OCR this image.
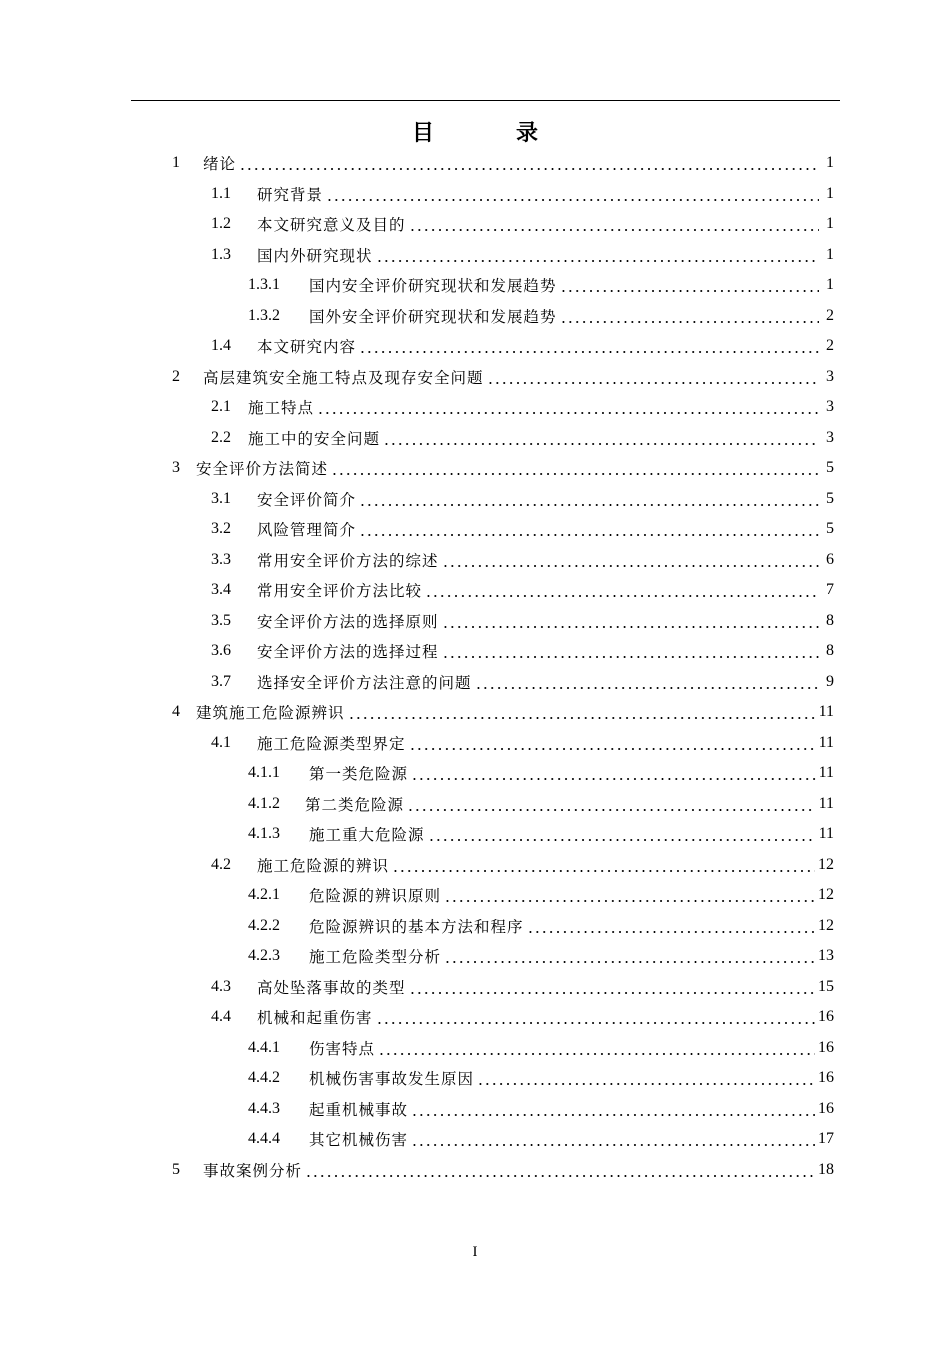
目　录
1	绪论	1
1.1	研究背景	1
1.2	本文研究意义及目的	1
1.3	国内外研究现状	1
1.3.1	国内安全评价研究现状和发展趋势	1
1.3.2	国外安全评价研究现状和发展趋势	2
1.4	本文研究内容	2
2	高层建筑安全施工特点及现存安全问题	3
2.1	施工特点	3
2.2	施工中的安全问题	3
3	安全评价方法简述	5
3.1	安全评价简介	5
3.2	风险管理简介	5
3.3	常用安全评价方法的综述	6
3.4	常用安全评价方法比较	7
3.5	安全评价方法的选择原则	8
3.6	安全评价方法的选择过程	8
3.7	选择安全评价方法注意的问题	9
4	建筑施工危险源辨识	11
4.1	施工危险源类型界定	11
4.1.1	第一类危险源	11
4.1.2	第二类危险源	11
4.1.3	施工重大危险源	11
4.2	施工危险源的辨识	12
4.2.1	危险源的辨识原则	12
4.2.2	危险源辨识的基本方法和程序	12
4.2.3	施工危险类型分析	13
4.3	高处坠落事故的类型	15
4.4	机械和起重伤害	16
4.4.1	伤害特点	16
4.4.2	机械伤害事故发生原因	16
4.4.3	起重机械事故	16
4.4.4	其它机械伤害	17
5	事故案例分析	18
I
